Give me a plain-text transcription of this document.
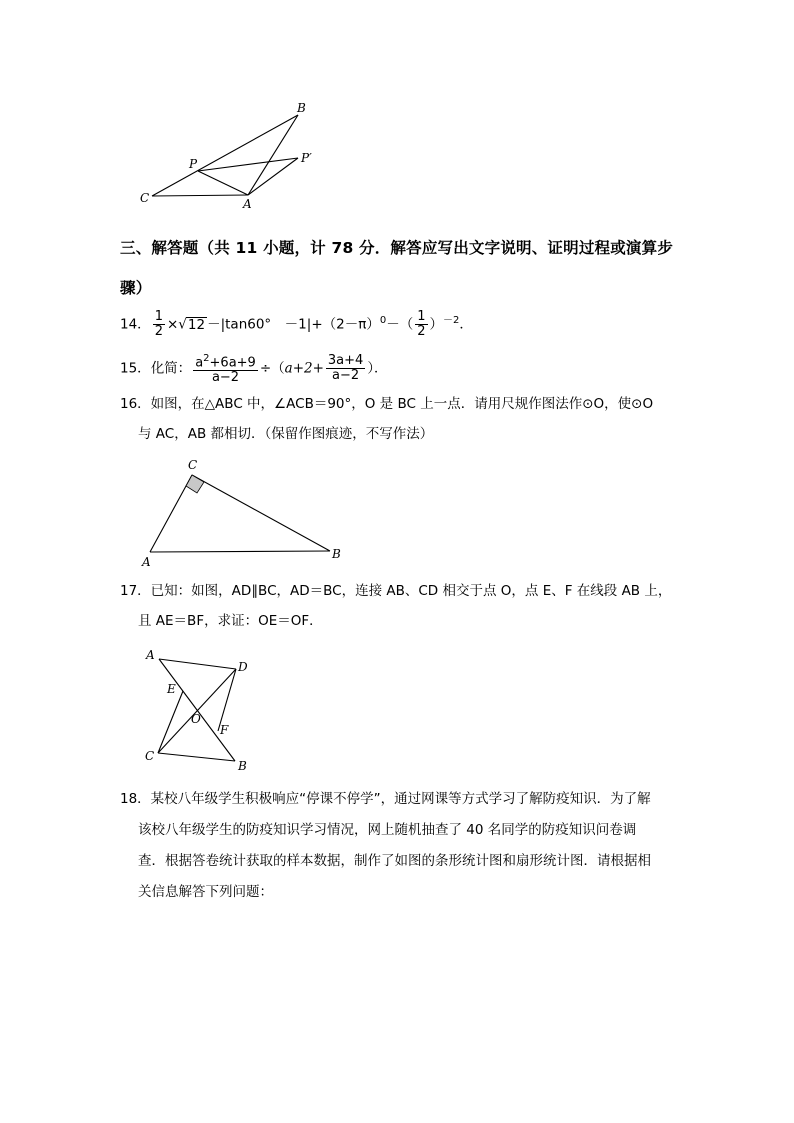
B
P	P′
C	A
三、解答题（共 11 小题，计 78 分．解答应写出文字说明、证明过程或演算步
骤）
14． $\frac{1}{2} \times√12 -|\tan 60^\circ$　$-1|+(2-\pi)^0-( \frac{1}{2} )^{-2}$．
15．化简： $\frac{a^2+6a+9}{a-2} \div(a+2+ \frac{3a+4}{a-2}$ ）．
16．如图，在△ABC 中，∠ACB＝90°，O 是 BC 上一点．请用尺规作图法作⊙O，使⊙O
与 AC，AB 都相切．（保留作图痕迹，不写作法）
C
A
B
17．已知：如图，AD∥BC，AD＝BC，连接 AB、CD 相交于点 O，点 E、F 在线段 AB 上，
且 AE＝BF，求证：OE＝OF．
A
D
E
O
F
C
B
18．某校八年级学生积极响应“停课不停学”，通过网课等方式学习了解防疫知识．为了解
该校八年级学生的防疫知识学习情况，网上随机抽查了 40 名同学的防疫知识问卷调
查．根据答卷统计获取的样本数据，制作了如图的条形统计图和扇形统计图．请根据相
关信息解答下列问题：
